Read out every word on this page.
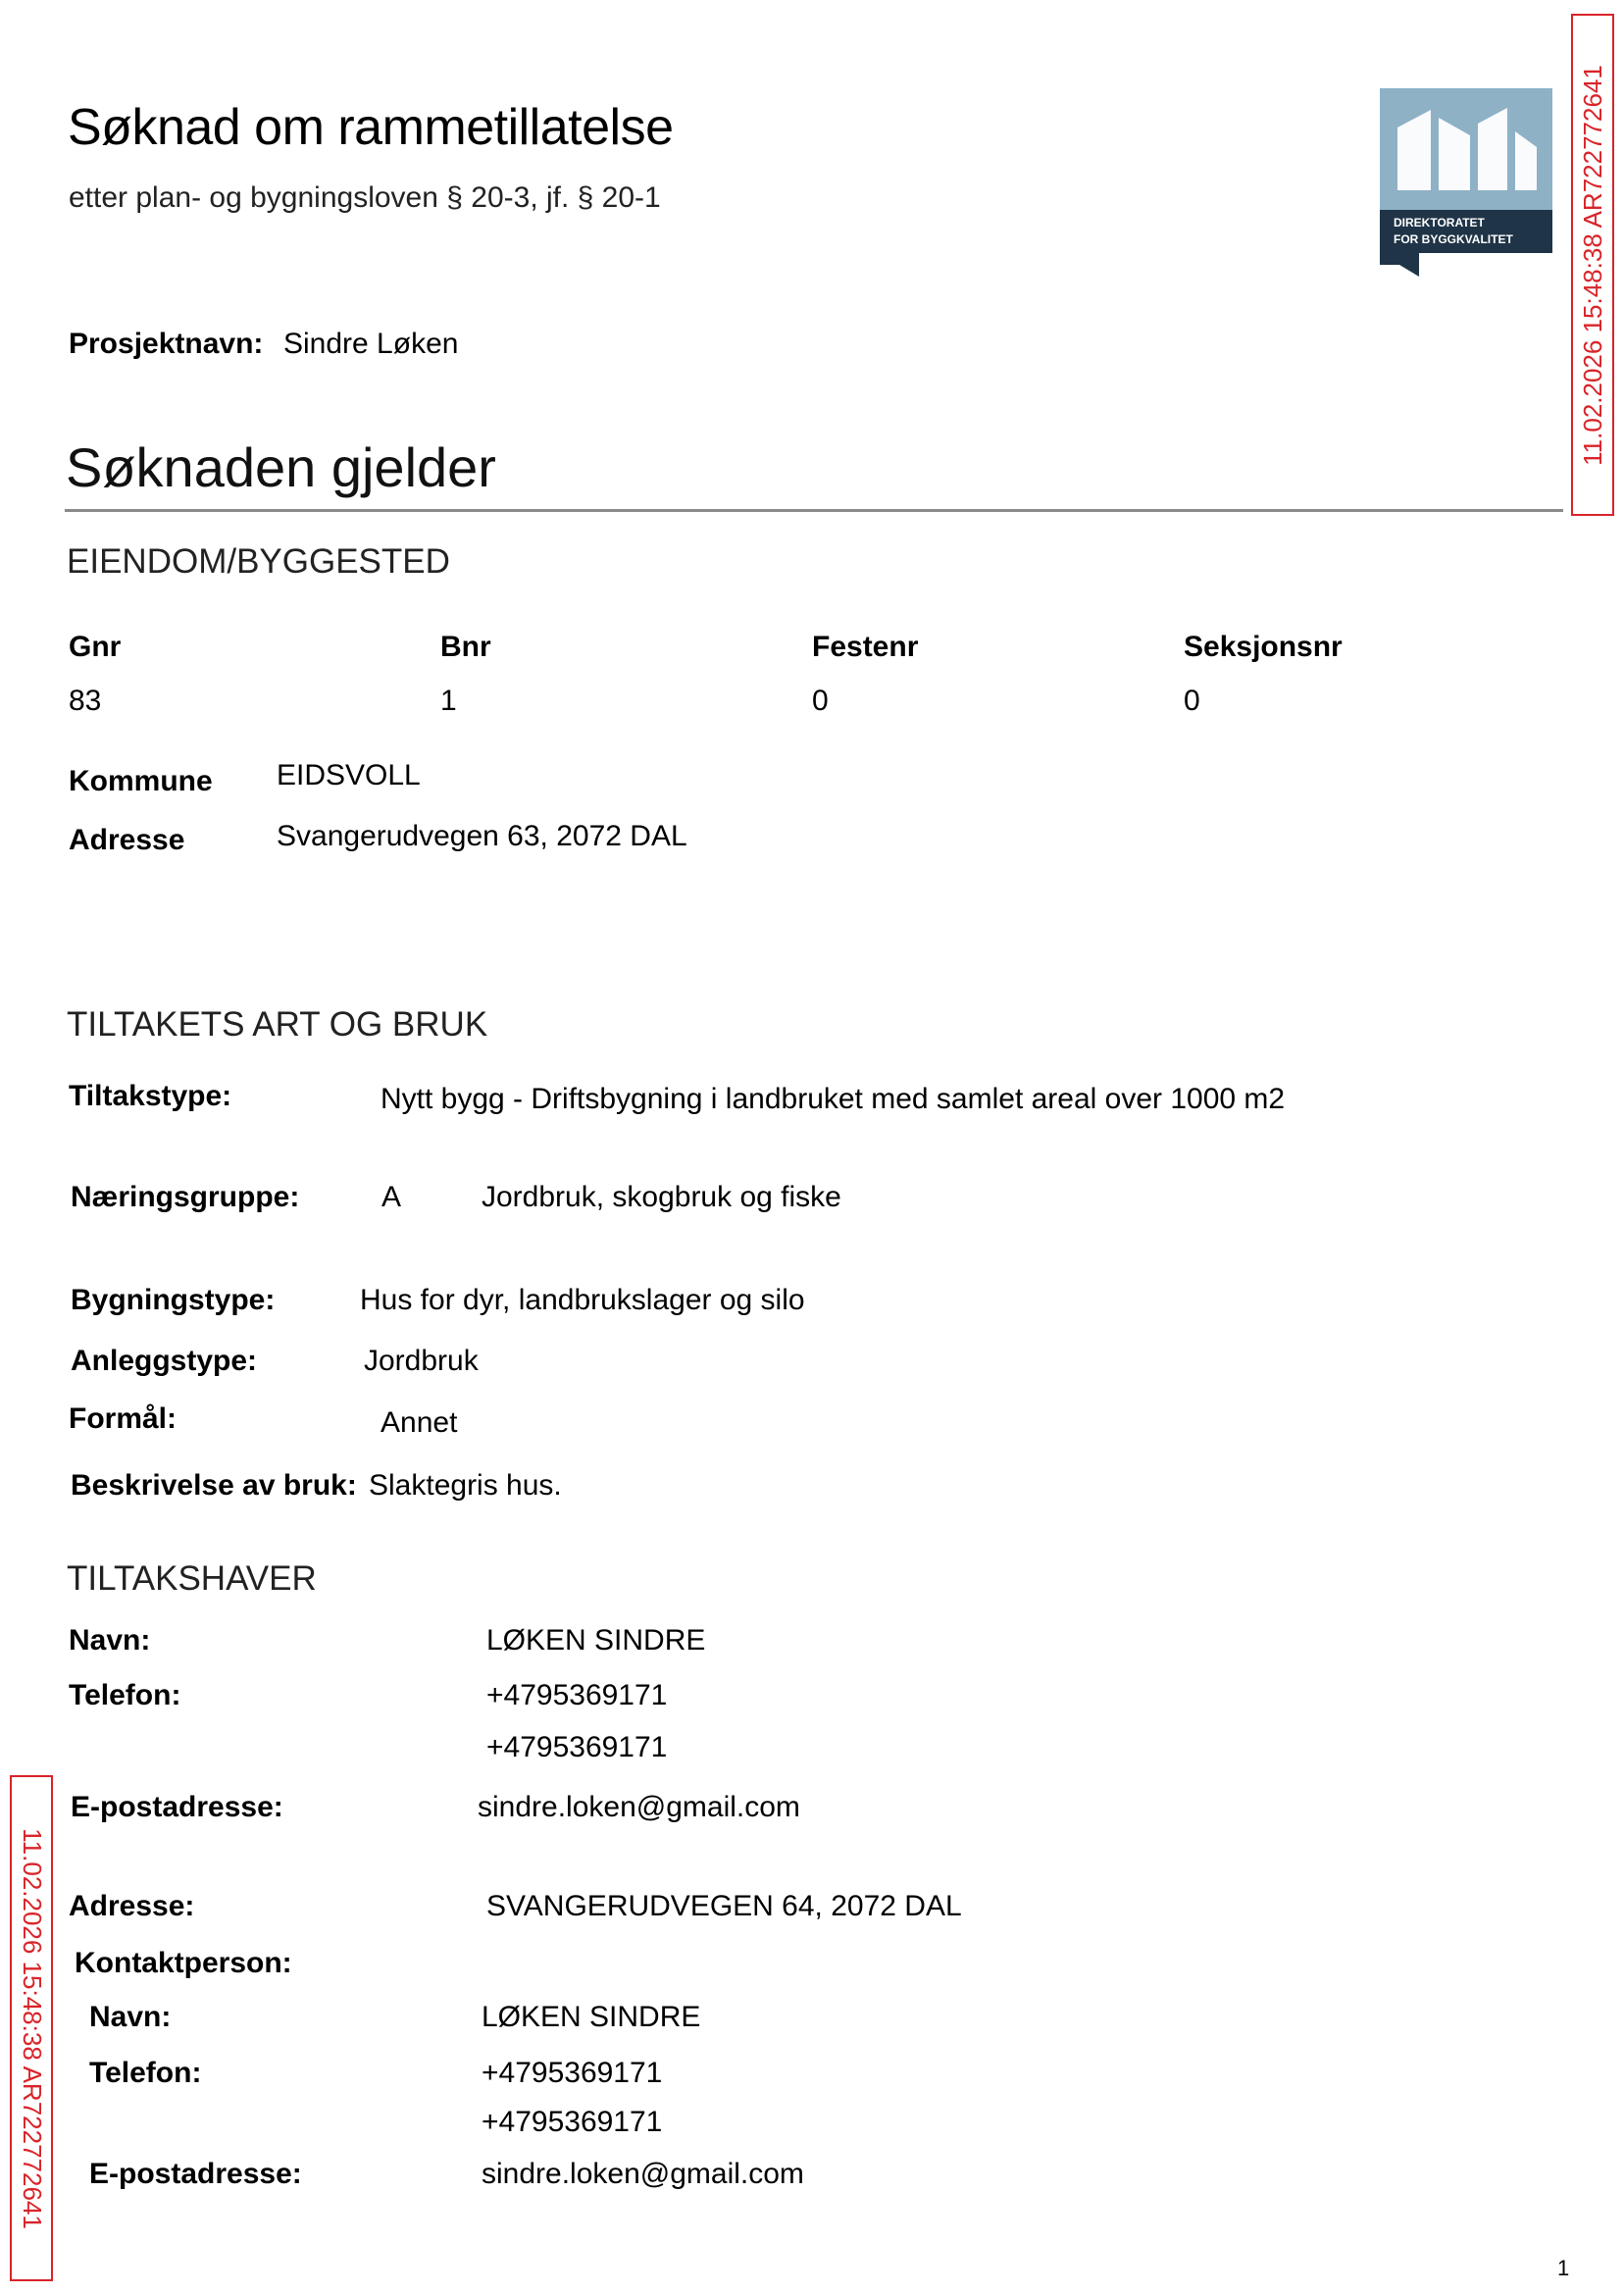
Søknad om rammetillatelse
etter plan- og bygningsloven § 20-3, jf. § 20-1
DIREKTORATET
FOR BYGGKVALITET	11.02.2026 15:48:38 AR722772641
11.02.2026 15:48:38 AR722772641
Prosjektnavn: Sindre Løken
Søknaden gjelder
EIENDOM/BYGGESTED
Gnr	Bnr	Festenr	Seksjonsnr
83	1	0	0
Kommune EIDSVOLL
Adresse	Svangerudvegen 63, 2072 DAL
TILTAKETS ART OG BRUK
Tiltakstype:	Nytt bygg - Driftsbygning i landbruket med samlet areal over 1000 m2
Næringsgruppe:	A	Jordbruk, skogbruk og fiske
Bygningstype:	Hus for dyr, landbrukslager og silo
Anleggstype:	Jordbruk
Formål:	Annet
Beskrivelse av bruk: Slaktegris hus.
TILTAKSHAVER
Navn:	LØKEN SINDRE
Telefon:	+4795369171
+4795369171
E-postadresse:	sindre.loken@gmail.com
Adresse:	SVANGERUDVEGEN 64, 2072 DAL
Kontaktperson:
Navn:	LØKEN SINDRE
Telefon:	+4795369171
+4795369171
E-postadresse:	sindre.loken@gmail.com
1
